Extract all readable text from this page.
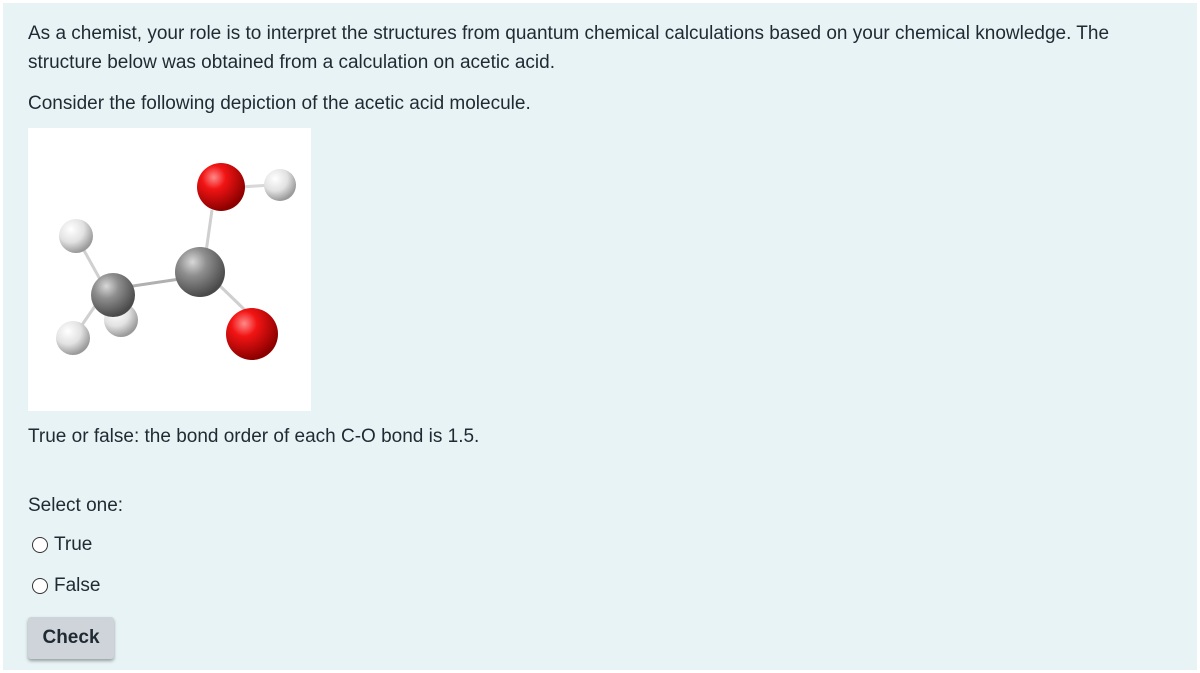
As a chemist, your role is to interpret the structures from quantum chemical calculations based on your chemical knowledge. The structure below was obtained from a calculation on acetic acid.

Consider the following depiction of the acetic acid molecule.

True or false: the bond order of each C-O bond is 1.5.

Select one:

True
False
Check
